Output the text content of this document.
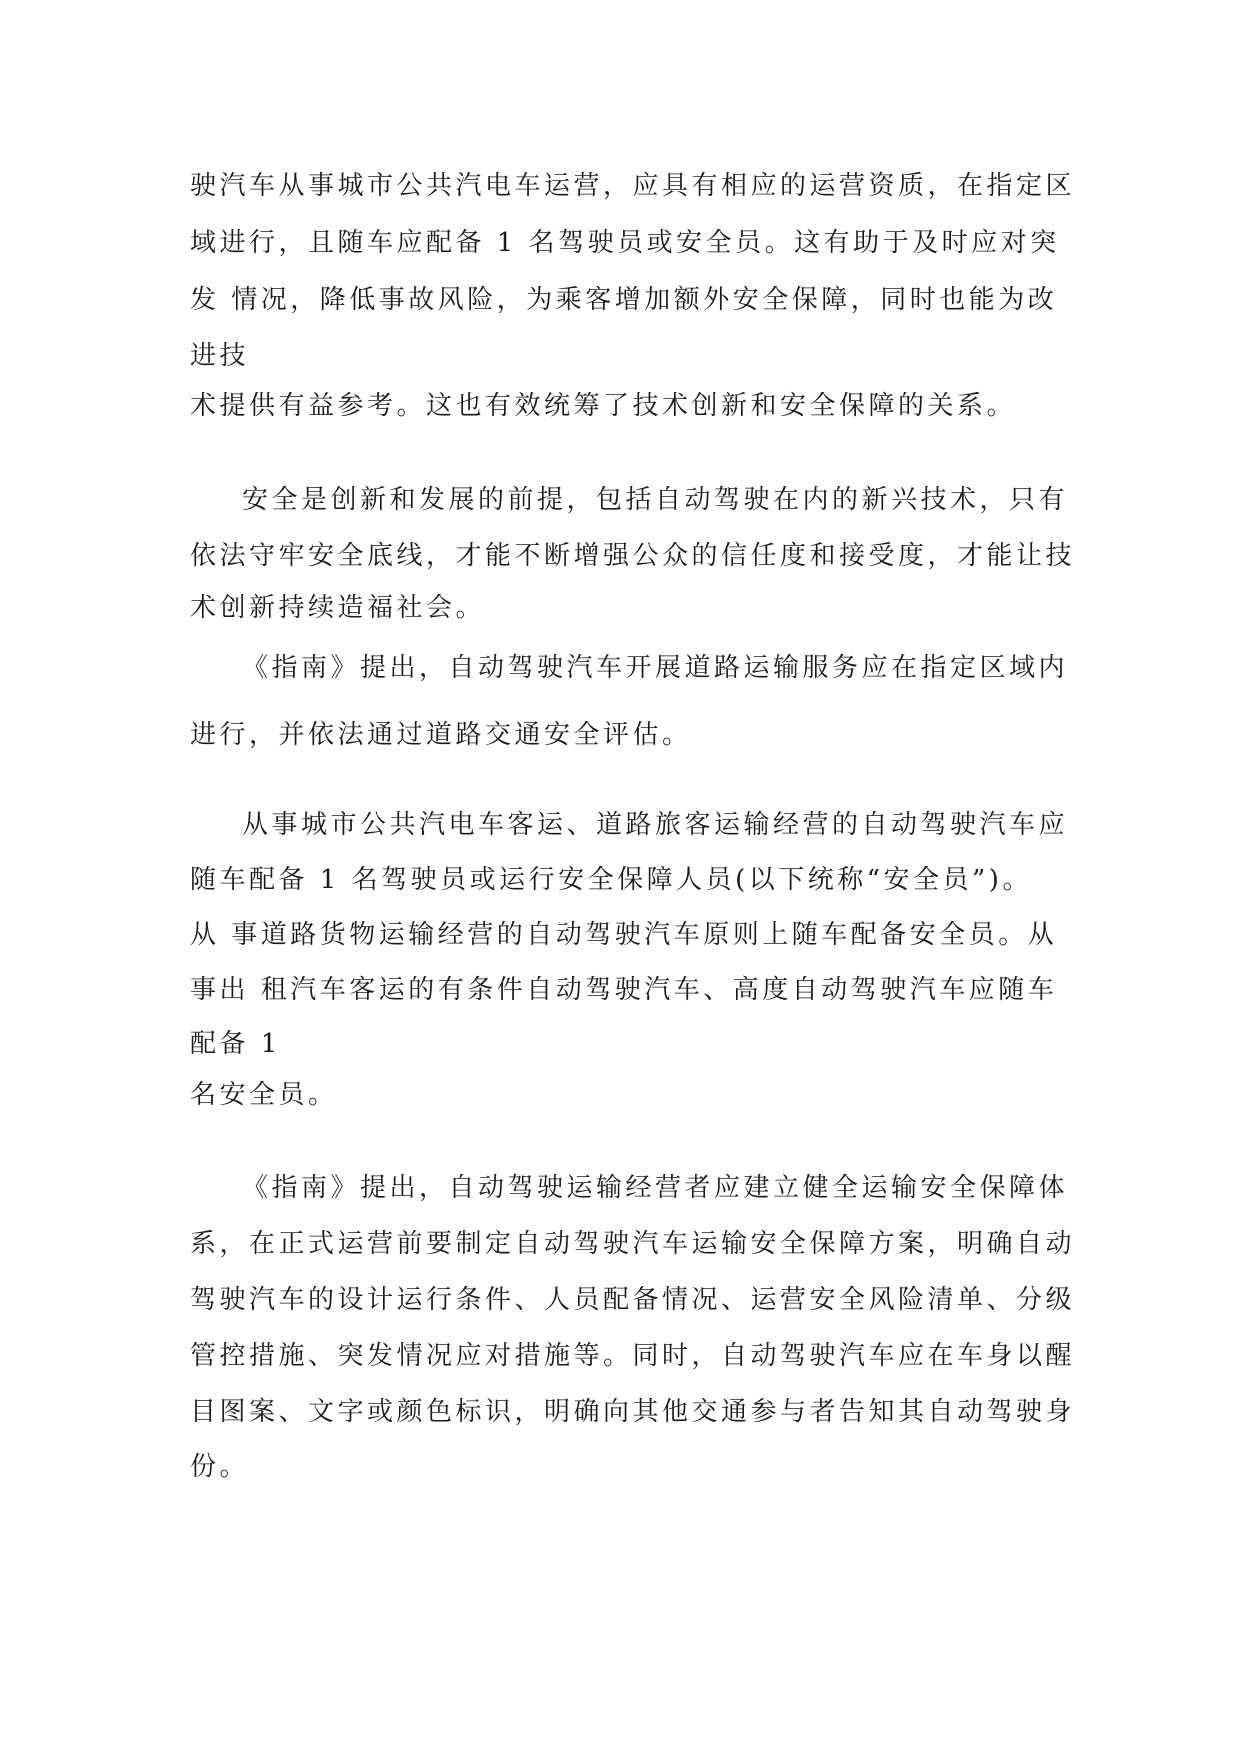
驶汽车从事城市公共汽电车运营，应具有相应的运营资质，在指定区
域进行，且随车应配备 1 名驾驶员或安全员。这有助于及时应对突
发 情况，降低事故风险，为乘客增加额外安全保障，同时也能为改
进技
术提供有益参考。这也有效统筹了技术创新和安全保障的关系。
安全是创新和发展的前提，包括自动驾驶在内的新兴技术，只有
依法守牢安全底线，才能不断增强公众的信任度和接受度，才能让技
术创新持续造福社会。
《指南》提出，自动驾驶汽车开展道路运输服务应在指定区域内
进行，并依法通过道路交通安全评估。
从事城市公共汽电车客运、道路旅客运输经营的自动驾驶汽车应
随车配备 1 名驾驶员或运行安全保障人员(以下统称“安全员”)。
从 事道路货物运输经营的自动驾驶汽车原则上随车配备安全员。从
事出 租汽车客运的有条件自动驾驶汽车、高度自动驾驶汽车应随车
配备 1
名安全员。
《指南》提出，自动驾驶运输经营者应建立健全运输安全保障体
系，在正式运营前要制定自动驾驶汽车运输安全保障方案，明确自动
驾驶汽车的设计运行条件、人员配备情况、运营安全风险清单、分级
管控措施、突发情况应对措施等。同时，自动驾驶汽车应在车身以醒
目图案、文字或颜色标识，明确向其他交通参与者告知其自动驾驶身
份。
